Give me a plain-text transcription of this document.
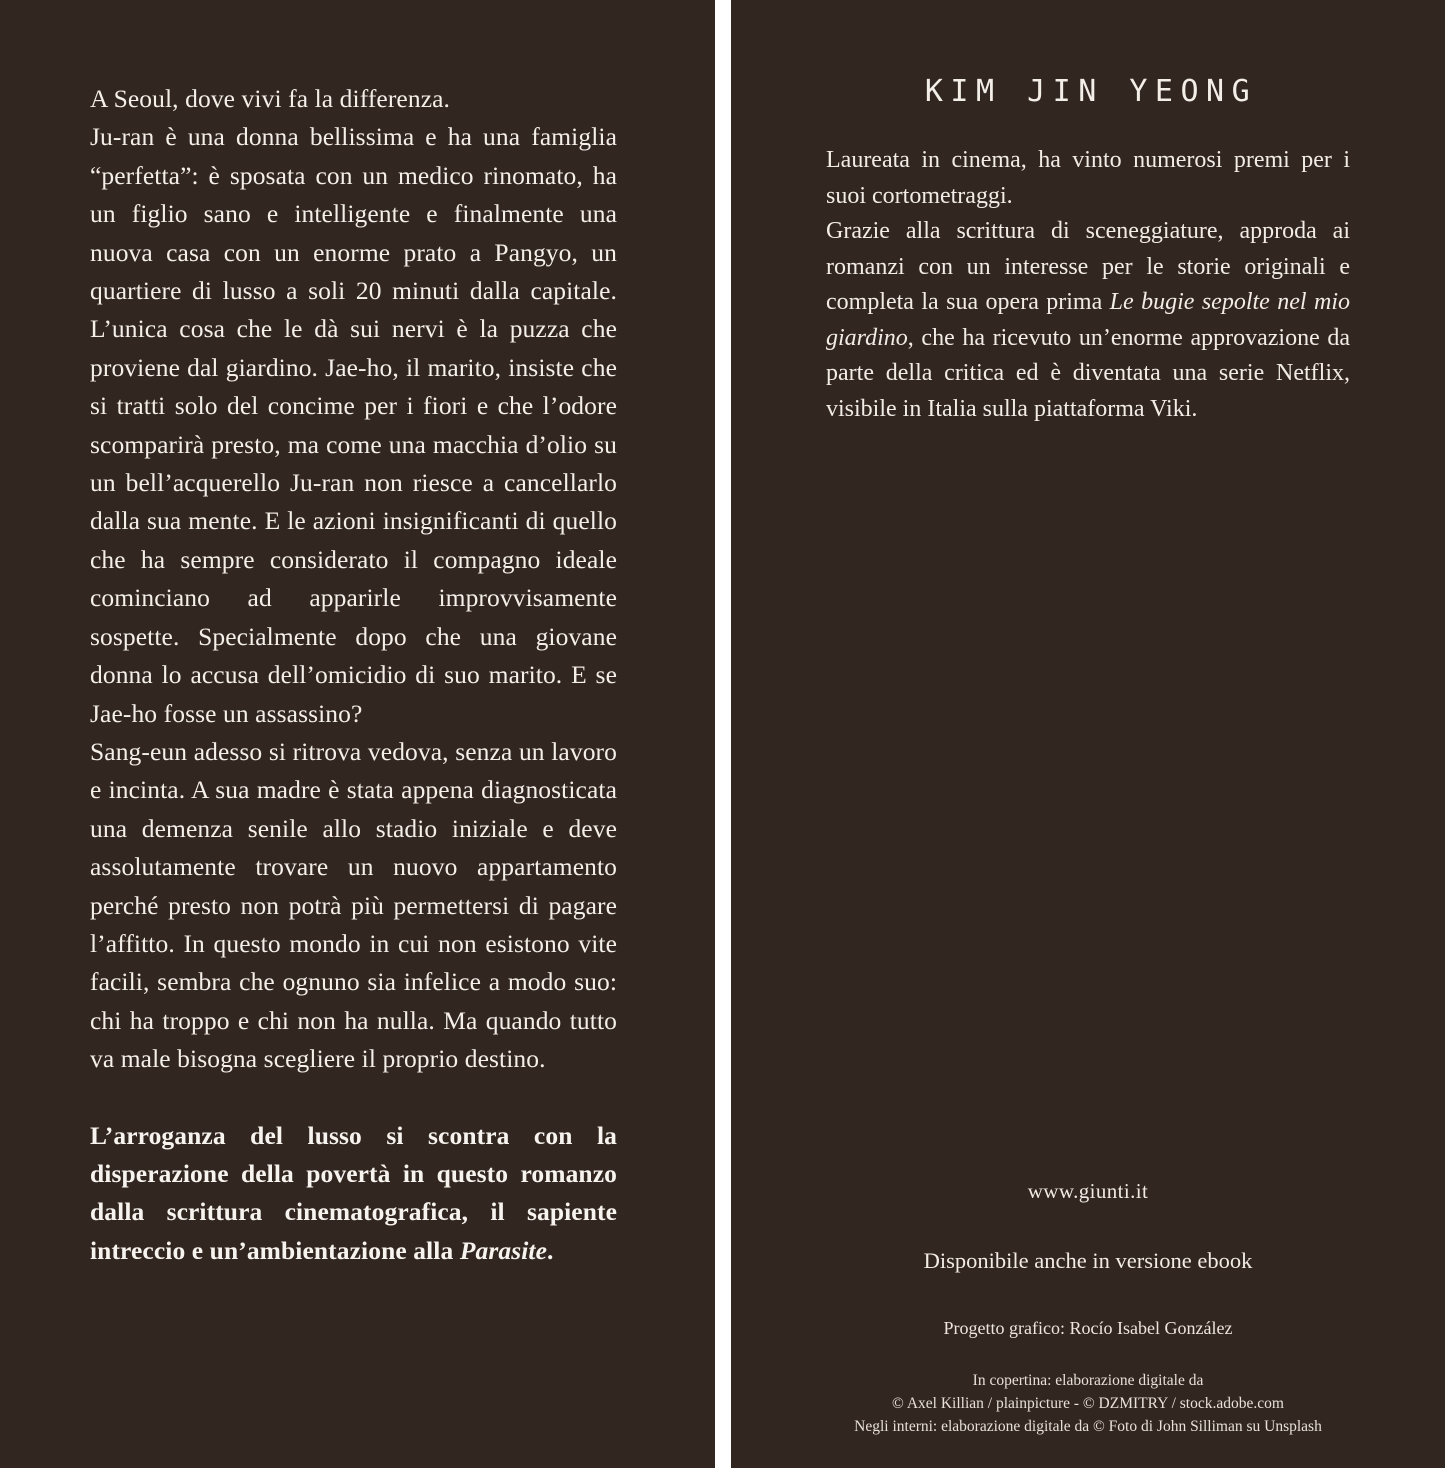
A Seoul, dove vivi fa la differenza.

Ju-ran è una donna bellissima e ha una famiglia “perfetta”: è sposata con un medico rinomato, ha un figlio sano e intelligente e finalmente una nuova casa con un enorme prato a Pangyo, un quartiere di lusso a soli 20 minuti dalla capitale. L’unica cosa che le dà sui nervi è la puzza che proviene dal giardino. Jae-ho, il marito, insiste che si tratti solo del concime per i fiori e che l’odore scomparirà presto, ma come una macchia d’olio su un bell’acquerello Ju-ran non riesce a cancellarlo dalla sua mente. E le azioni insignificanti di quello che ha sempre considerato il compagno ideale cominciano ad apparirle improvvisamente sospette. Specialmente dopo che una giovane donna lo accusa dell’omicidio di suo marito. E se Jae-ho fosse un assassino?

Sang-eun adesso si ritrova vedova, senza un lavoro e incinta. A sua madre è stata appena diagnosticata una demenza senile allo stadio iniziale e deve assolutamente trovare un nuovo appartamento perché presto non potrà più permettersi di pagare l’affitto. In questo mondo in cui non esistono vite facili, sembra che ognuno sia infelice a modo suo: chi ha troppo e chi non ha nulla. Ma quando tutto va male bisogna scegliere il proprio destino.

L’arroganza del lusso si scontra con la disperazione della povertà in questo romanzo dalla scrittura cinematografica, il sapiente intreccio e un’ambientazione alla Parasite.

KIM JIN YEONG

Laureata in cinema, ha vinto numerosi premi per i suoi cortometraggi.

Grazie alla scrittura di sceneggiature, approda ai romanzi con un interesse per le storie originali e completa la sua opera prima Le bugie sepolte nel mio giardino, che ha ricevuto un’enorme approvazione da parte della critica ed è diventata una serie Netflix, visibile in Italia sulla piattaforma Viki.

www.giunti.it
Disponibile anche in versione ebook
Progetto grafico: Rocío Isabel González
In copertina: elaborazione digitale da
© Axel Killian / plainpicture - © DZMITRY / stock.adobe.com
Negli interni: elaborazione digitale da © Foto di John Silliman su Unsplash
